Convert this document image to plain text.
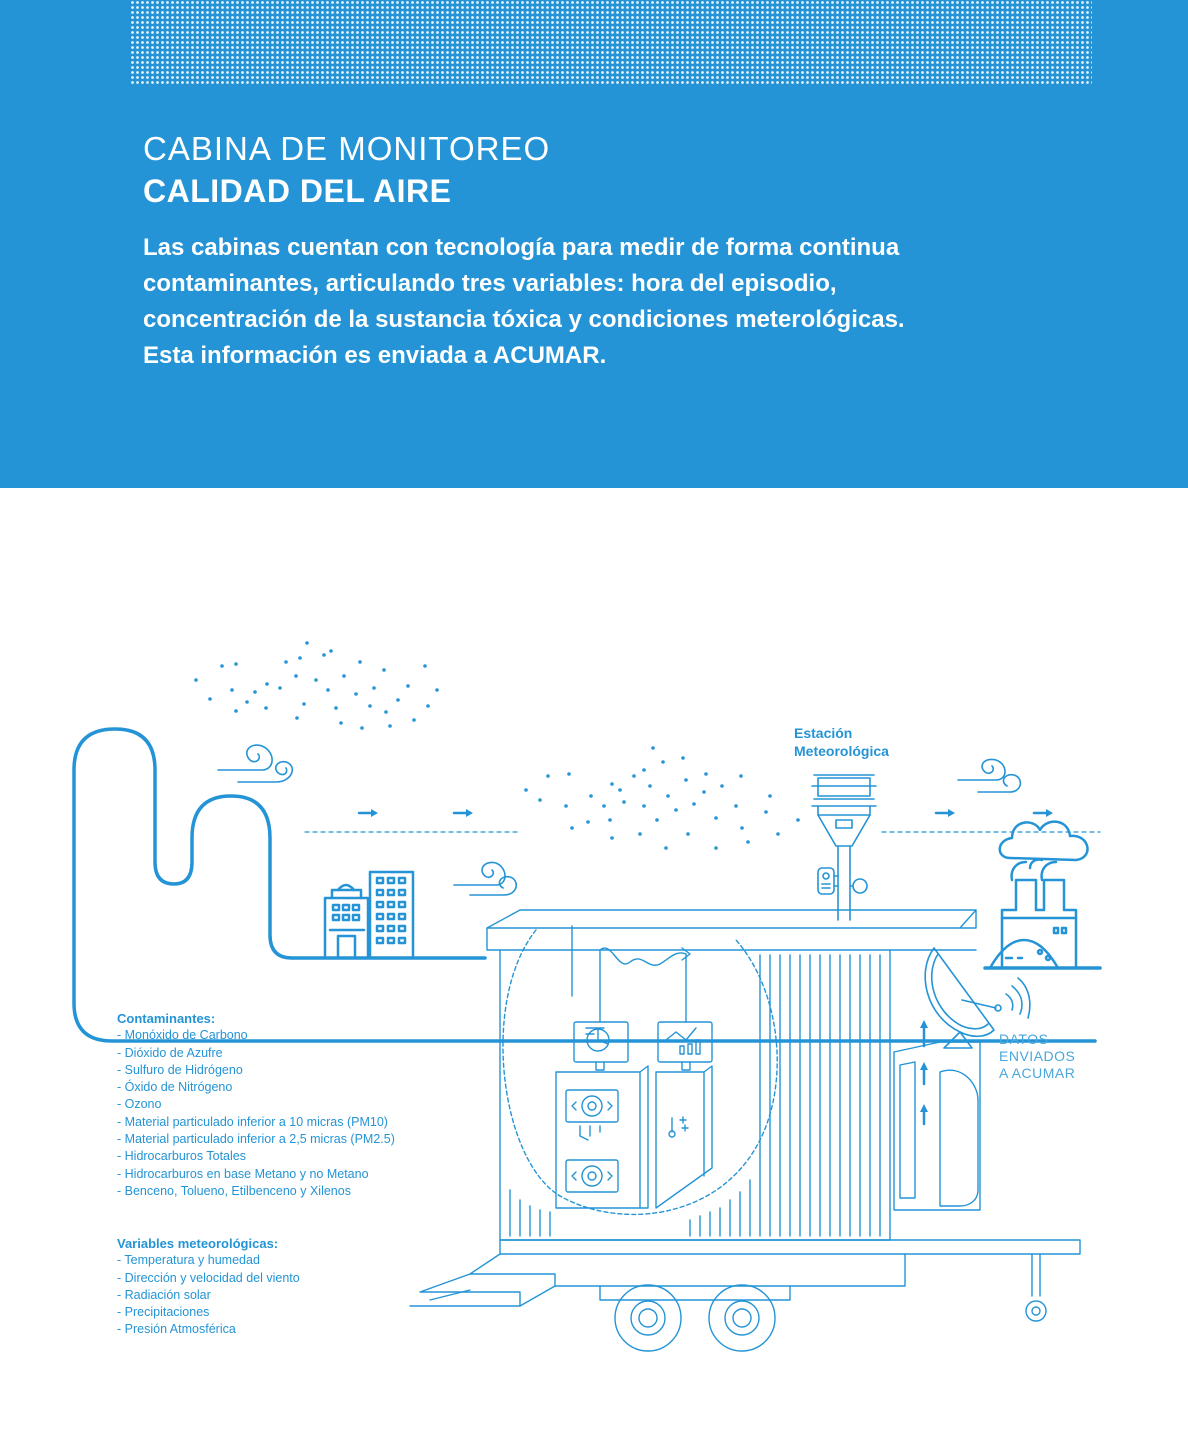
CABINA DE MONITOREO
CALIDAD DEL AIRE

Las cabinas cuentan con tecnología para medir de forma continua
contaminantes, articulando tres variables: hora del episodio,
concentración de la sustancia tóxica y condiciones meterológicas.
Esta información es enviada a ACUMAR.

Estación
Meteorológica
DATOS
ENVIADOS
A ACUMAR
Contaminantes:
- Monóxido de Carbono
- Dióxido de Azufre
- Sulfuro de Hidrógeno
- Óxido de Nitrógeno
- Ozono
- Material particulado inferior a 10 micras (PM10)
- Material particulado inferior a 2,5 micras (PM2.5)
- Hidrocarburos Totales
- Hidrocarburos en base Metano y no Metano
- Benceno, Tolueno, Etilbenceno y Xilenos
Variables meteorológicas:
- Temperatura y humedad
- Dirección y velocidad del viento
- Radiación solar
- Precipitaciones
- Presión Atmosférica
